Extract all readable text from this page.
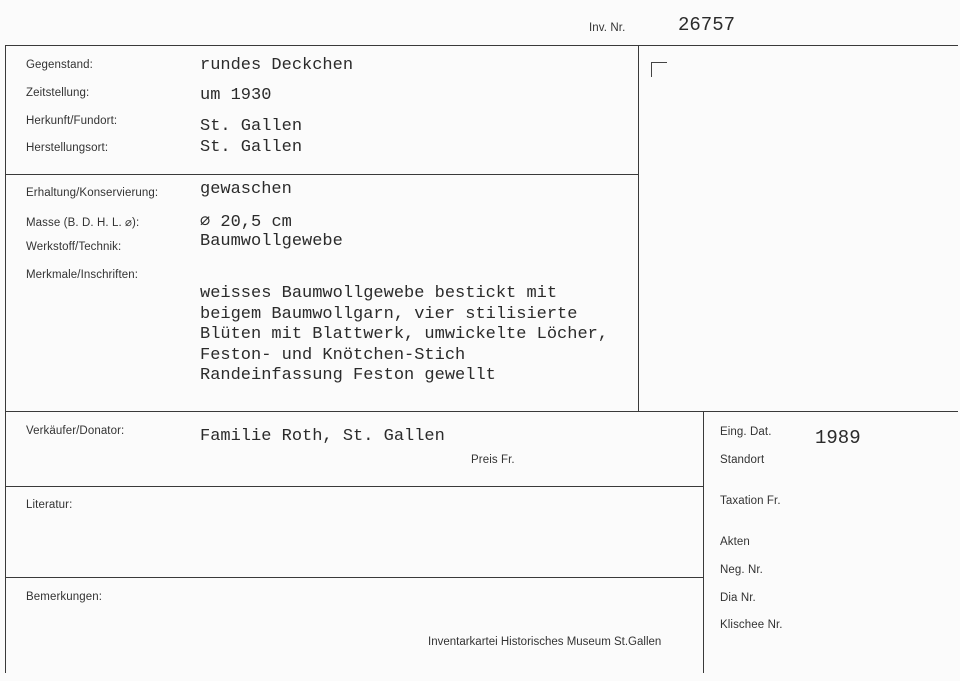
Inv. Nr.	26757
Gegenstand:	rundes Deckchen
Zeitstellung:	um 1930
Herkunft/Fundort:	St. Gallen
Herstellungsort:	St. Gallen
Erhaltung/Konservierung: gewaschen
Masse (B. D. H. L. ⌀):	⌀ 20,5 cm
Werkstoff/Technik:	Baumwollgewebe
Merkmale/Inschriften:
weisses Baumwollgewebe bestickt mit
beigem Baumwollgarn, vier stilisierte
Blüten mit Blattwerk, umwickelte Löcher,
Feston- und Knötchen-Stich
Randeinfassung Feston gewellt
Verkäufer/Donator:	Familie Roth, St. Gallen
Preis Fr.
Literatur:
Bemerkungen:
Eing. Dat. 1989
Standort
Taxation Fr.
Akten
Neg. Nr.
Dia Nr.
Klischee Nr.
Inventarkartei Historisches Museum St.Gallen
